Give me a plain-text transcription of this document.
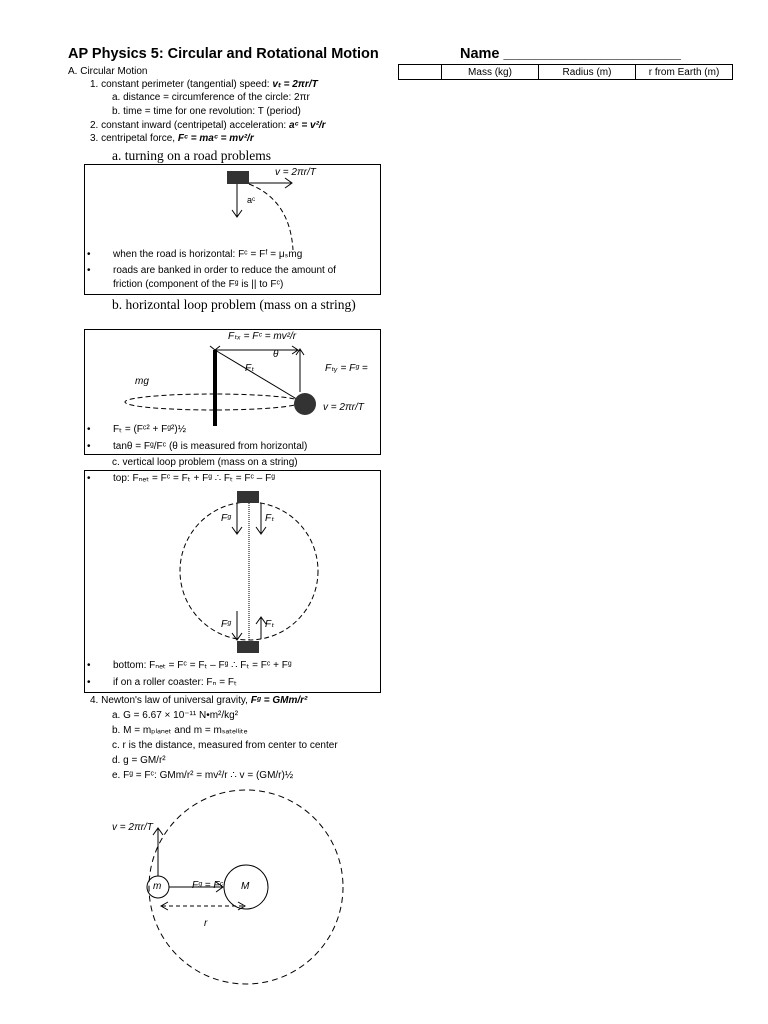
AP Physics 5: Circular and Rotational Motion	Name ______________________
	Mass (kg)	Radius (m)	r from Earth (m)
A. Circular Motion
1. constant perimeter (tangential) speed: vₜ = 2πr/T
a. distance = circumference of the circle: 2πr
b. time = time for one revolution: T (period)
2. constant inward (centripetal) acceleration: aᶜ = v²/r
3. centripetal force, Fᶜ = maᶜ = mv²/r
a. turning on a road problems
v = 2πr/T
aᶜ
• when the road is horizontal: Fᶜ = Fᶠ = μₛmg
• roads are banked in order to reduce the amount of
friction (component of the Fᵍ is || to Fᶜ)
b. horizontal loop problem (mass on a string)
Fₜₓ = Fᶜ = mv²/r
θ
Fₜ	Fₜᵧ = Fᵍ =
mg
v = 2πr/T
• Fₜ = (Fᶜ² + Fᵍ²)½
• tanθ = Fᵍ/Fᶜ (θ is measured from horizontal)
c. vertical loop problem (mass on a string)
• top: Fₙₑₜ = Fᶜ = Fₜ + Fᵍ ∴ Fₜ = Fᶜ – Fᵍ
Fᵍ	Fₜ
Fᵍ	Fₜ
• bottom: Fₙₑₜ = Fᶜ = Fₜ – Fᵍ ∴ Fₜ = Fᶜ + Fᵍ
• if on a roller coaster: Fₙ = Fₜ
4. Newton's law of universal gravity, Fᵍ = GMm/r²
a. G = 6.67 × 10⁻¹¹ N•m²/kg²
b. M = mₚₗₐₙₑₜ and m = mₛₐₜₑₗₗᵢₜₑ
c. r is the distance, measured from center to center
d. g = GM/r²
e. Fᵍ = Fᶜ: GMm/r² = mv²/r ∴ v = (GM/r)½
v = 2πr/T
m	M
Fᵍ = Fᶜ
r
